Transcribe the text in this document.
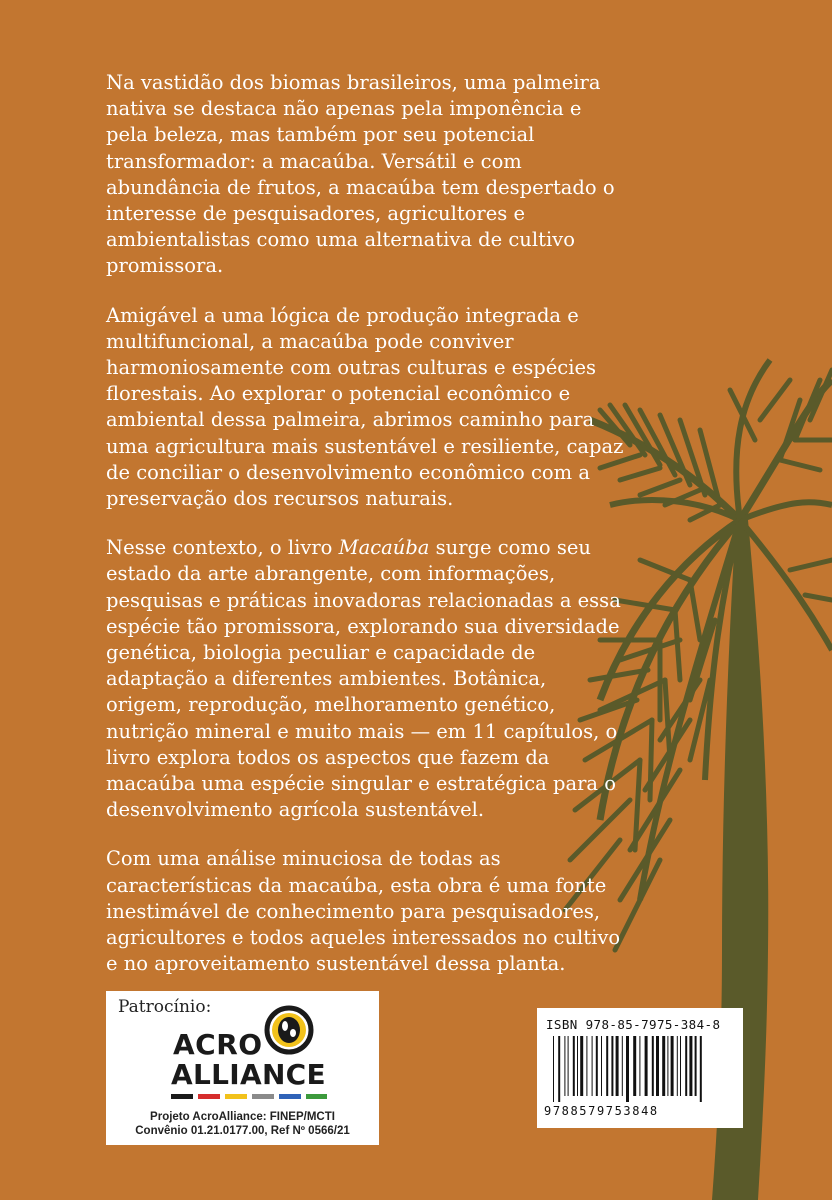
Na vastidão dos biomas brasileiros, uma palmeira nativa se destaca não apenas pela imponência e pela beleza, mas também por seu potencial transformador: a macaúba. Versátil e com abundância de frutos, a macaúba tem despertado o interesse de pesquisadores, agricultores e ambientalistas como uma alternativa de cultivo promissora.

Amigável a uma lógica de produção integrada e multifuncional, a macaúba pode conviver harmoniosamente com outras culturas e espécies florestais. Ao explorar o potencial econômico e ambiental dessa palmeira, abrimos caminho para uma agricultura mais sustentável e resiliente, capaz de conciliar o desenvolvimento econômico com a preservação dos recursos naturais.

Nesse contexto, o livro Macaúba surge como seu estado da arte abrangente, com informações, pesquisas e práticas inovadoras relacionadas a essa espécie tão promissora, explorando sua diversidade genética, biologia peculiar e capacidade de adaptação a diferentes ambientes. Botânica, origem, reprodução, melhoramento genético, nutrição mineral e muito mais — em 11 capítulos, o livro explora todos os aspectos que fazem da macaúba uma espécie singular e estratégica para o desenvolvimento agrícola sustentável.

Com uma análise minuciosa de todas as características da macaúba, esta obra é uma fonte inestimável de conhecimento para pesquisadores, agricultores e todos aqueles interessados no cultivo e no aproveitamento sustentável dessa planta.

Patrocínio:
ACRO
ALLIANCE
Projeto AcroAlliance: FINEP/MCTI
Convênio 01.21.0177.00, Ref Nº 0566/21
ISBN 978-85-7975-384-8
9788579753848
